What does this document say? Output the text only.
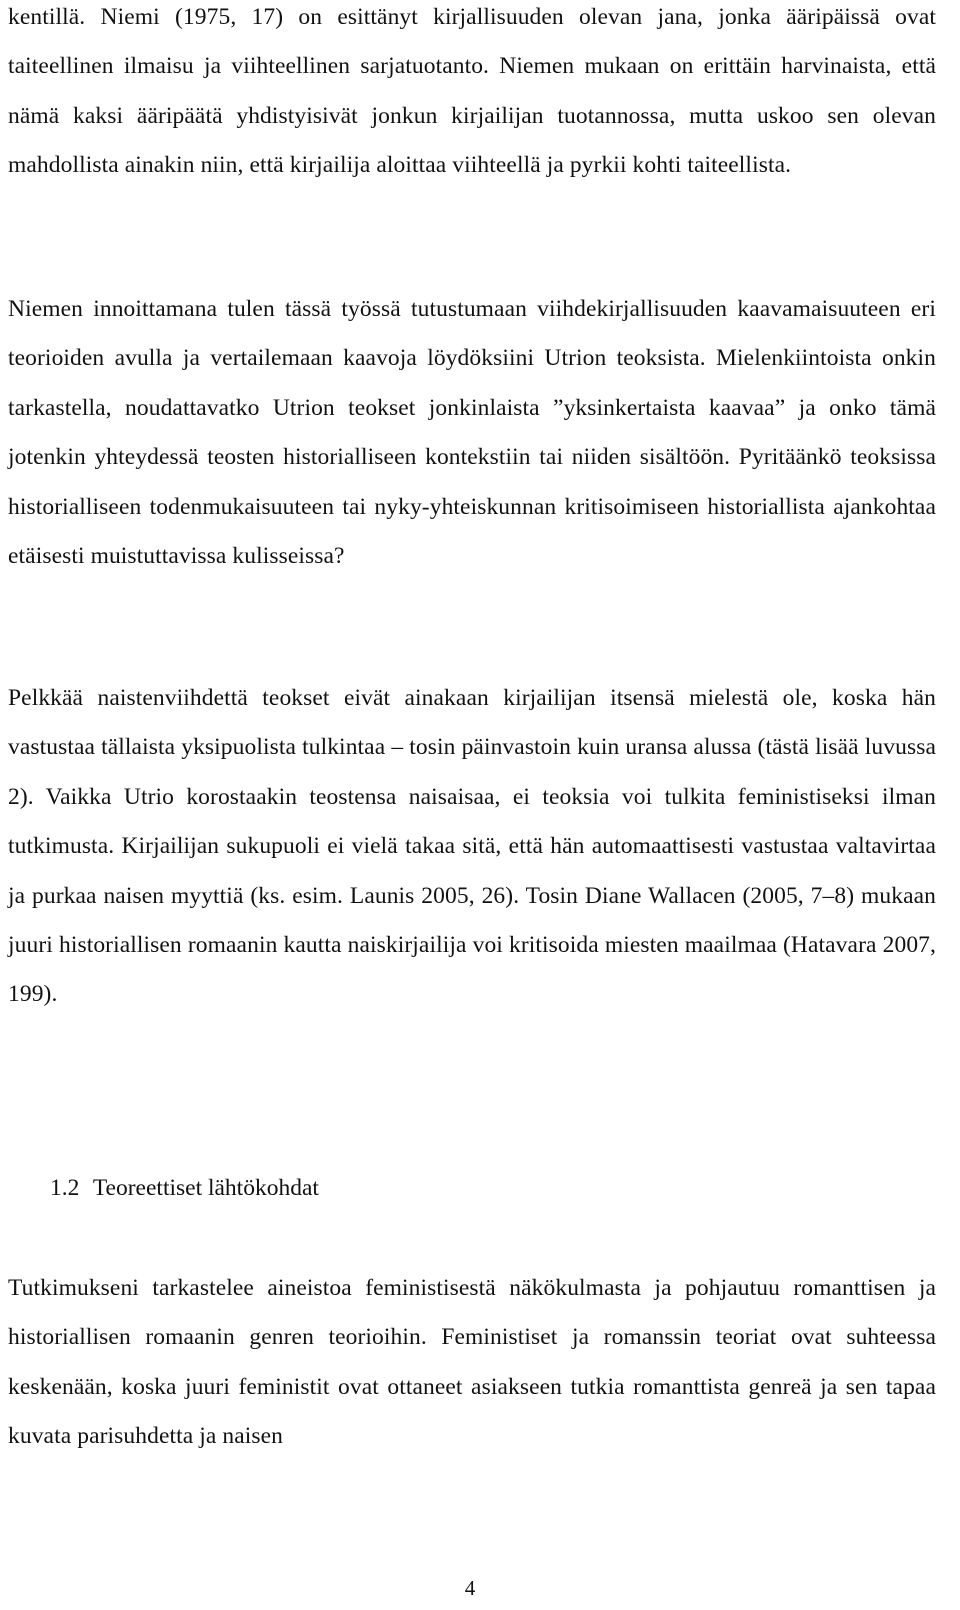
kentillä. Niemi (1975, 17) on esittänyt kirjallisuuden olevan jana, jonka ääripäissä ovat taiteellinen ilmaisu ja viihteellinen sarjatuotanto. Niemen mukaan on erittäin harvinaista, että nämä kaksi ääripäätä yhdistyisivät jonkun kirjailijan tuotannossa, mutta uskoo sen olevan mahdollista ainakin niin, että kirjailija aloittaa viihteellä ja pyrkii kohti taiteellista.

Niemen innoittamana tulen tässä työssä tutustumaan viihdekirjallisuuden kaavamaisuuteen eri teorioiden avulla ja vertailemaan kaavoja löydöksiini Utrion teoksista. Mielenkiintoista onkin tarkastella, noudattavatko Utrion teokset jonkinlaista ”yksinkertaista kaavaa” ja onko tämä jotenkin yhteydessä teosten historialliseen kontekstiin tai niiden sisältöön. Pyritäänkö teoksissa historialliseen todenmukaisuuteen tai nyky-yhteiskunnan kritisoimiseen historiallista ajankohtaa etäisesti muistuttavissa kulisseissa?

Pelkkää naistenviihdettä teokset eivät ainakaan kirjailijan itsensä mielestä ole, koska hän vastustaa tällaista yksipuolista tulkintaa – tosin päinvastoin kuin uransa alussa (tästä lisää luvussa 2). Vaikka Utrio korostaakin teostensa naisaisaa, ei teoksia voi tulkita feministiseksi ilman tutkimusta. Kirjailijan sukupuoli ei vielä takaa sitä, että hän automaattisesti vastustaa valtavirtaa ja purkaa naisen myyttiä (ks. esim. Launis 2005, 26). Tosin Diane Wallacen (2005, 7–8) mukaan juuri historiallisen romaanin kautta naiskirjailija voi kritisoida miesten maailmaa (Hatavara 2007, 199).

1.2 Teoreettiset lähtökohdat

Tutkimukseni tarkastelee aineistoa feministisestä näkökulmasta ja pohjautuu romanttisen ja historiallisen romaanin genren teorioihin. Feministiset ja romanssin teoriat ovat suhteessa keskenään, koska juuri feministit ovat ottaneet asiakseen tutkia romanttista genreä ja sen tapaa kuvata parisuhdetta ja naisen

4
